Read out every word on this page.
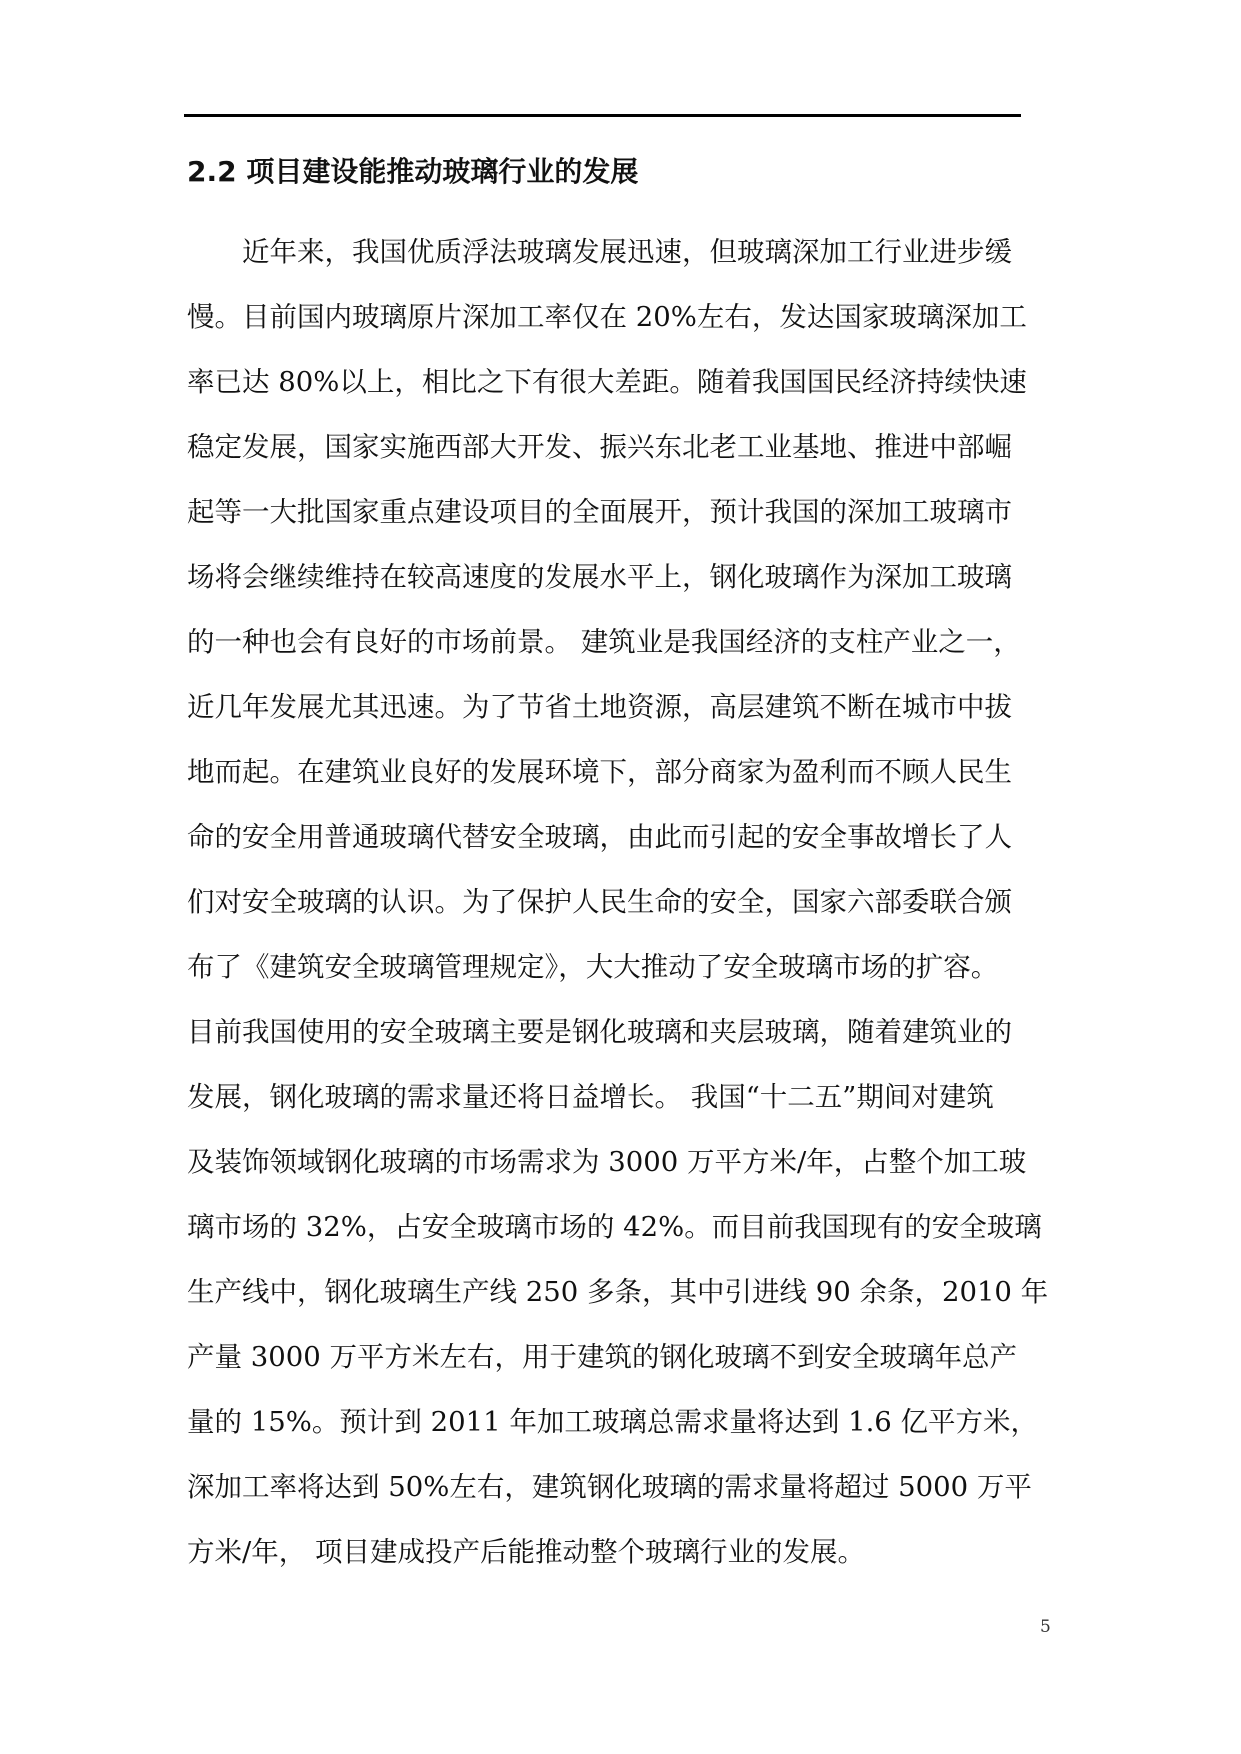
2.2 项目建设能推动玻璃行业的发展
　　近年来，我国优质浮法玻璃发展迅速，但玻璃深加工行业进步缓
慢。目前国内玻璃原片深加工率仅在 20%左右，发达国家玻璃深加工
率已达 80%以上，相比之下有很大差距。随着我国国民经济持续快速
稳定发展，国家实施西部大开发、振兴东北老工业基地、推进中部崛
起等一大批国家重点建设项目的全面展开，预计我国的深加工玻璃市
场将会继续维持在较高速度的发展水平上，钢化玻璃作为深加工玻璃
的一种也会有良好的市场前景。 建筑业是我国经济的支柱产业之一，
近几年发展尤其迅速。为了节省土地资源，高层建筑不断在城市中拔
地而起。在建筑业良好的发展环境下，部分商家为盈利而不顾人民生
命的安全用普通玻璃代替安全玻璃，由此而引起的安全事故增长了人
们对安全玻璃的认识。为了保护人民生命的安全，国家六部委联合颁
布了《建筑安全玻璃管理规定》，大大推动了安全玻璃市场的扩容。
目前我国使用的安全玻璃主要是钢化玻璃和夹层玻璃，随着建筑业的
发展，钢化玻璃的需求量还将日益增长。 我国“十二五”期间对建筑
及装饰领域钢化玻璃的市场需求为 3000 万平方米/年，占整个加工玻
璃市场的 32%，占安全玻璃市场的 42%。而目前我国现有的安全玻璃
生产线中，钢化玻璃生产线 250 多条，其中引进线 90 余条，2010 年
产量 3000 万平方米左右，用于建筑的钢化玻璃不到安全玻璃年总产
量的 15%。预计到 2011 年加工玻璃总需求量将达到 1.6 亿平方米，
深加工率将达到 50%左右，建筑钢化玻璃的需求量将超过 5000 万平
方米/年， 项目建成投产后能推动整个玻璃行业的发展。
5
